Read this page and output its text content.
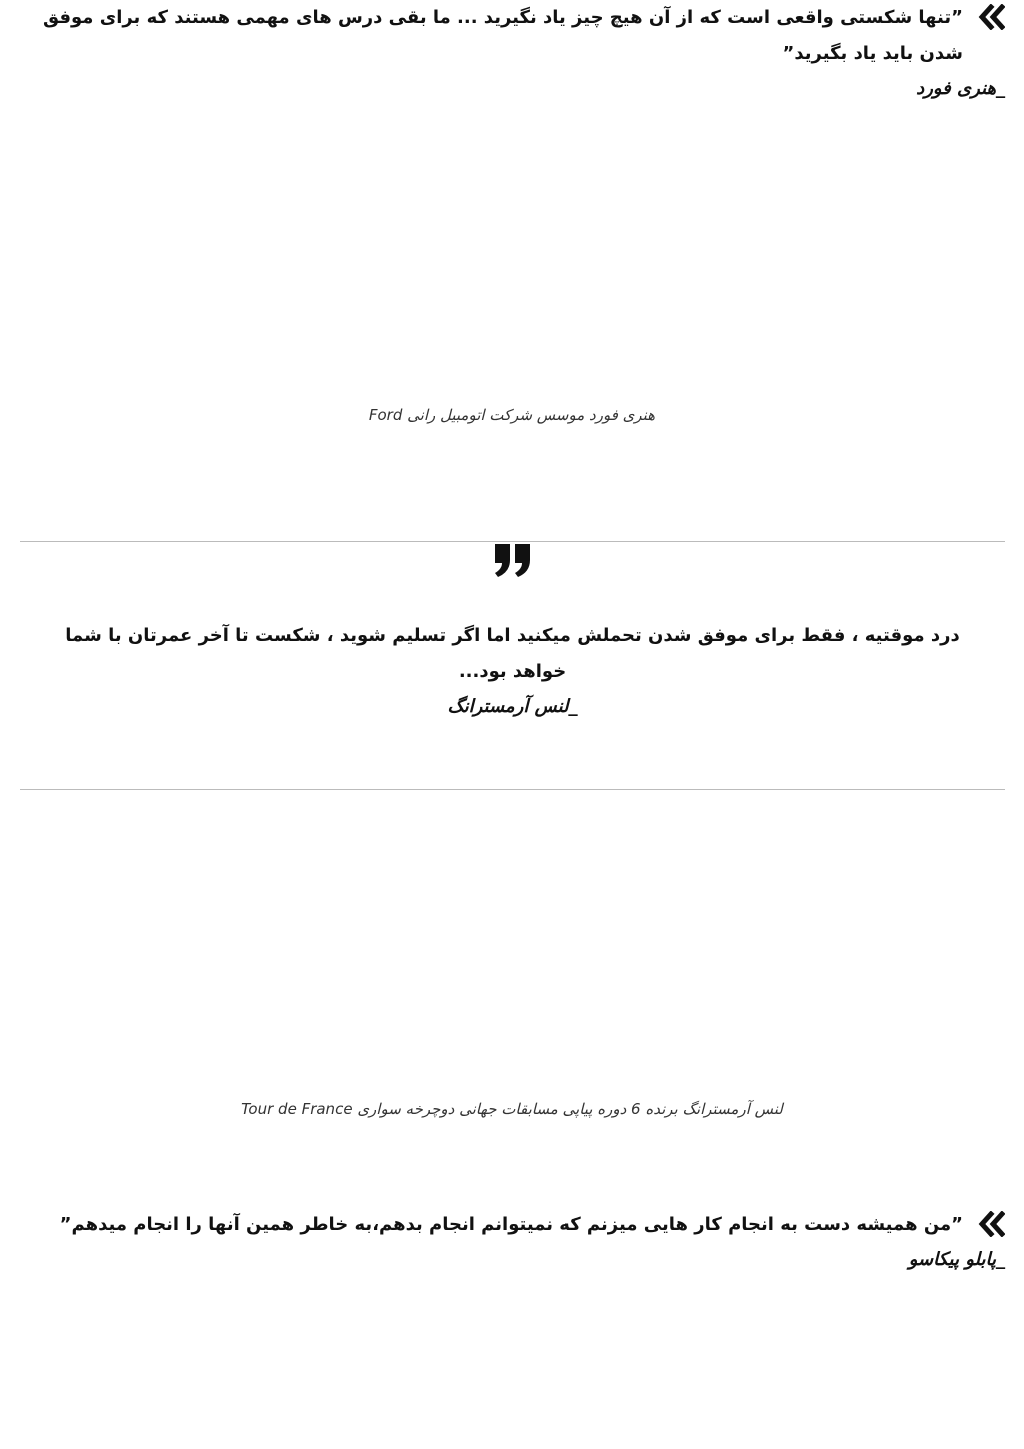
”تنها شکستی واقعی است که از آن هیچ چیز یاد نگیرید ... ما بقی درس های مهمی هستند که برای موفق شدن باید یاد بگیرید”
_هنری فورد
هنری فورد موسس شرکت اتومبیل رانی Ford
درد موقتیه ، فقط برای موفق شدن تحملش میکنید اما اگر تسلیم شوید ، شکست تا آخر عمرتان با شما خواهد بود...
_لنس آرمسترانگ
لنس آرمسترانگ برنده 6 دوره پیاپی مسابقات جهانی دوچرخه سواری Tour de France
”من همیشه دست به انجام کار هایی میزنم که نمیتوانم انجام بدهم،به خاطر همین آنها را انجام میدهم”
_پابلو پیکاسو
